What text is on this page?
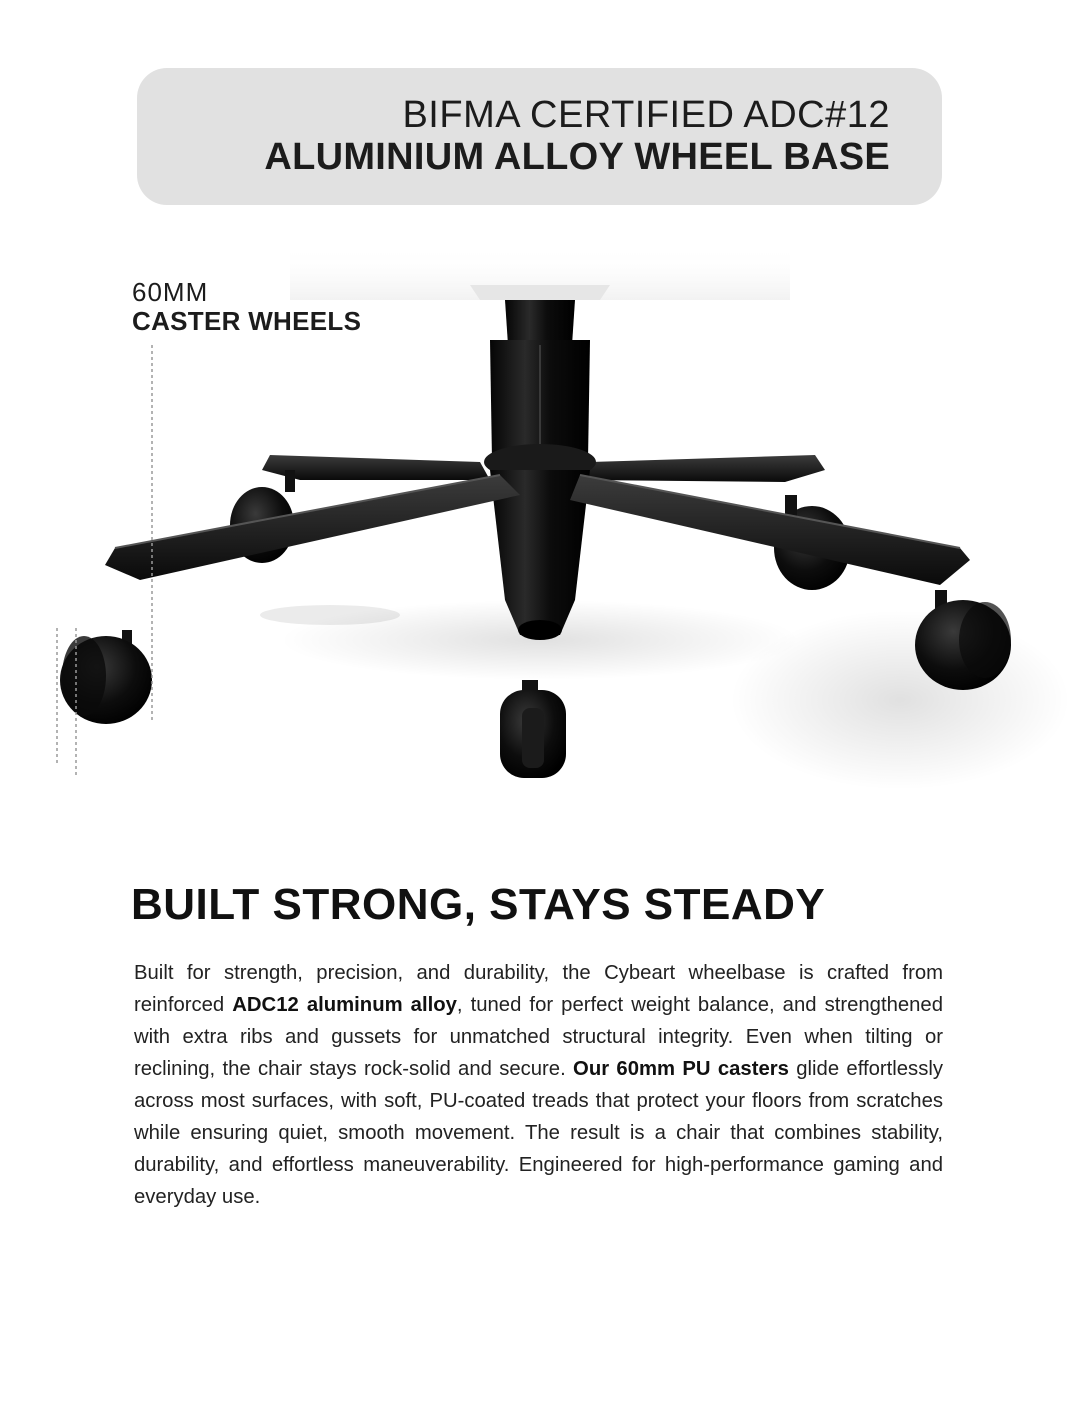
BIFMA CERTIFIED ADC#12
ALUMINIUM ALLOY WHEEL BASE
60MM
CASTER WHEELS
BUILT STRONG, STAYS STEADY

Built for strength, precision, and durability, the Cybeart wheelbase is crafted from reinforced ADC12 aluminum alloy, tuned for perfect weight balance, and strengthened with extra ribs and gussets for unmatched structural integrity. Even when tilting or reclining, the chair stays rock-solid and secure. Our 60mm PU casters glide effortlessly across most surfaces, with soft, PU-coated treads that protect your floors from scratches while ensuring quiet, smooth movement. The result is a chair that combines stability, durability, and effortless maneuverability. Engineered for high-performance gaming and everyday use.
